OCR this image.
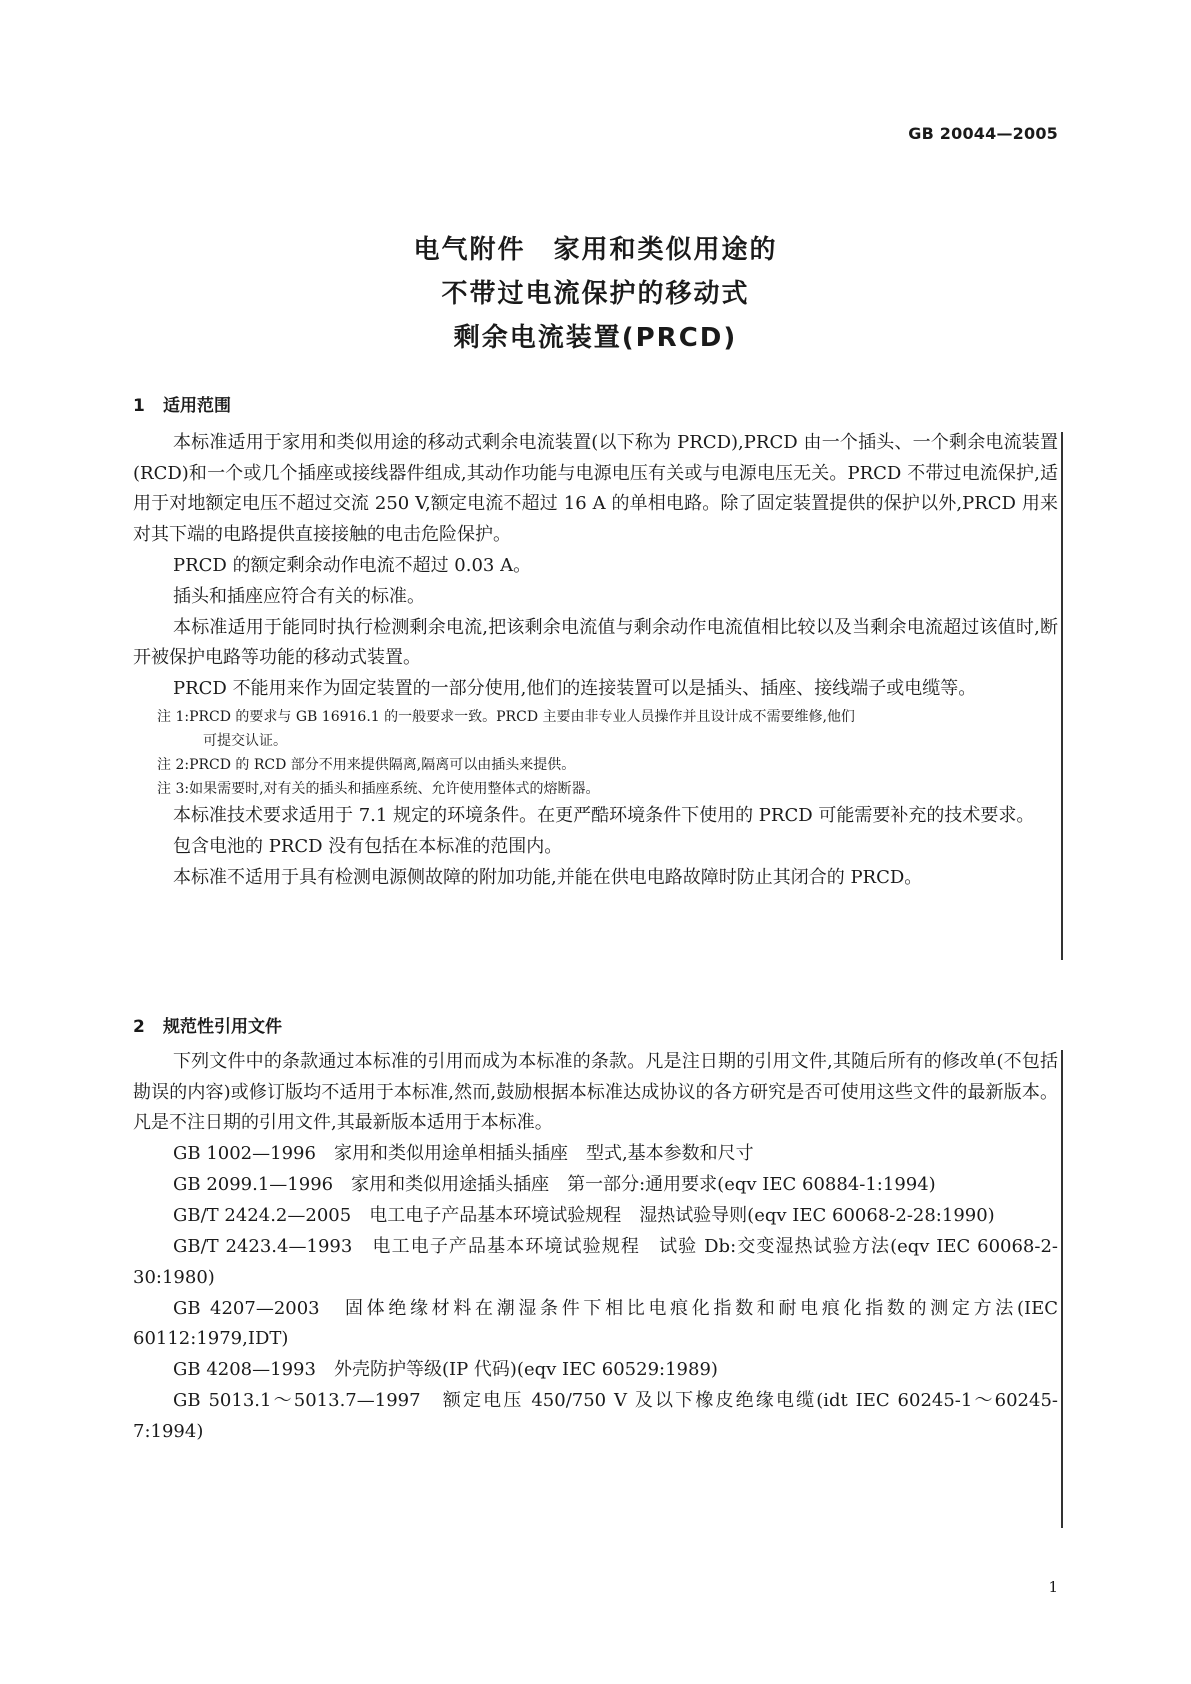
GB 20044—2005
电气附件　家用和类似用途的
不带过电流保护的移动式
剩余电流装置(PRCD)
1 适用范围

本标准适用于家用和类似用途的移动式剩余电流装置(以下称为 PRCD),PRCD 由一个插头、一个剩余电流装置(RCD)和一个或几个插座或接线器件组成,其动作功能与电源电压有关或与电源电压无关。PRCD 不带过电流保护,适用于对地额定电压不超过交流 250 V,额定电流不超过 16 A 的单相电路。除了固定装置提供的保护以外,PRCD 用来对其下端的电路提供直接接触的电击危险保护。

PRCD 的额定剩余动作电流不超过 0.03 A。

插头和插座应符合有关的标准。

本标准适用于能同时执行检测剩余电流,把该剩余电流值与剩余动作电流值相比较以及当剩余电流超过该值时,断开被保护电路等功能的移动式装置。

PRCD 不能用来作为固定装置的一部分使用,他们的连接装置可以是插头、插座、接线端子或电缆等。

注 1:PRCD 的要求与 GB 16916.1 的一般要求一致。PRCD 主要由非专业人员操作并且设计成不需要维修,他们
可提交认证。

注 2:PRCD 的 RCD 部分不用来提供隔离,隔离可以由插头来提供。

注 3:如果需要时,对有关的插头和插座系统、允许使用整体式的熔断器。

本标准技术要求适用于 7.1 规定的环境条件。在更严酷环境条件下使用的 PRCD 可能需要补充的技术要求。

包含电池的 PRCD 没有包括在本标准的范围内。

本标准不适用于具有检测电源侧故障的附加功能,并能在供电电路故障时防止其闭合的 PRCD。

2 规范性引用文件

下列文件中的条款通过本标准的引用而成为本标准的条款。凡是注日期的引用文件,其随后所有的修改单(不包括勘误的内容)或修订版均不适用于本标准,然而,鼓励根据本标准达成协议的各方研究是否可使用这些文件的最新版本。凡是不注日期的引用文件,其最新版本适用于本标准。

GB 1002—1996　家用和类似用途单相插头插座　型式,基本参数和尺寸

GB 2099.1—1996　家用和类似用途插头插座　第一部分:通用要求(eqv IEC 60884-1:1994)

GB/T 2424.2—2005　电工电子产品基本环境试验规程　湿热试验导则(eqv IEC 60068-2-28:1990)

GB/T 2423.4—1993　电工电子产品基本环境试验规程　试验 Db:交变湿热试验方法(eqv IEC 60068-2-30:1980)

GB 4207—2003　固体绝缘材料在潮湿条件下相比电痕化指数和耐电痕化指数的测定方法(IEC 60112:1979,IDT)

GB 4208—1993　外壳防护等级(IP 代码)(eqv IEC 60529:1989)

GB 5013.1～5013.7—1997　额定电压 450/750 V 及以下橡皮绝缘电缆(idt IEC 60245-1～60245-7:1994)

1
